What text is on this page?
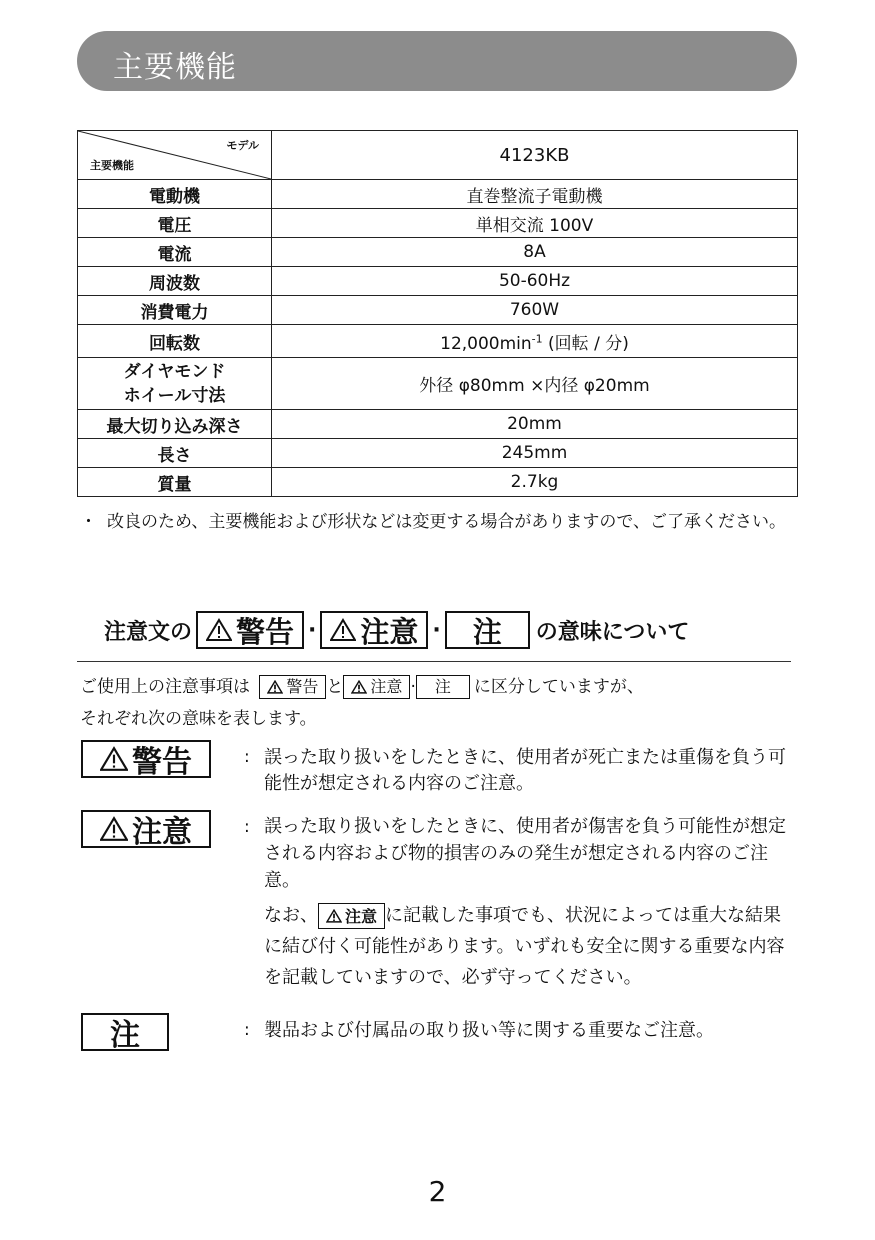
主要機能
モデル
主要機能	4123KB
電動機	直巻整流子電動機
電圧	単相交流 100V
電流	8A
周波数	50-60Hz
消費電力	760W
回転数	$12,000\min^{-1}$ (回転 / 分)
ダイヤモンド
ホイール寸法	外径 φ80mm ×内径 φ20mm
最大切り込み深さ	20mm
長さ	245mm
質量	2.7kg
・ 改良のため、主要機能および形状などは変更する場合がありますので、ご了承ください。
注意文の 警告 · 注意 · 注 の意味について
ご使用上の注意事項は 警告 と 注意 · 注 に区分していますが、
それぞれ次の意味を表します。
警告	: 誤った取り扱いをしたときに、使用者が死亡または重傷を負う可能性が想定される内容のご注意。
注意	: 誤った取り扱いをしたときに、使用者が傷害を負う可能性が想定される内容および物的損害のみの発生が想定される内容のご注意。
なお、 注意 に記載した事項でも、状況によっては重大な結果に結び付く可能性があります。いずれも安全に関する重要な内容を記載していますので、必ず守ってください。
注	: 製品および付属品の取り扱い等に関する重要なご注意。
2
